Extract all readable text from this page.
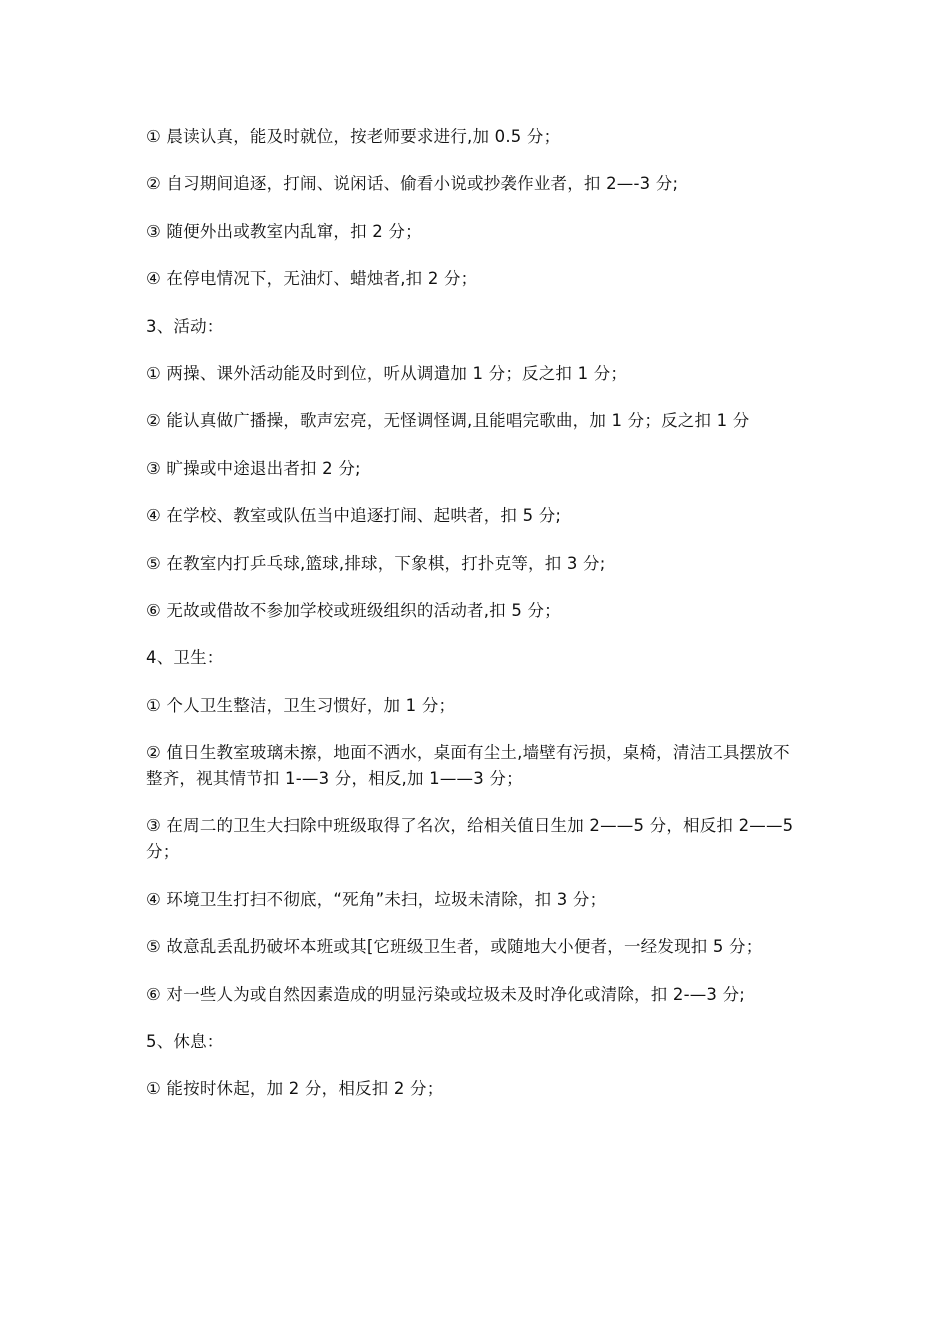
① 晨读认真，能及时就位，按老师要求进行,加 0.5 分；

② 自习期间追逐，打闹、说闲话、偷看小说或抄袭作业者，扣 2—-3 分;

③ 随便外出或教室内乱窜，扣 2 分；

④ 在停电情况下，无油灯、蜡烛者,扣 2 分；

3、活动：

① 两操、课外活动能及时到位，听从调遣加 1 分；反之扣 1 分；

② 能认真做广播操，歌声宏亮，无怪调怪调,且能唱完歌曲，加 1 分；反之扣 1 分

③ 旷操或中途退出者扣 2 分;

④ 在学校、教室或队伍当中追逐打闹、起哄者，扣 5 分;

⑤ 在教室内打乒乓球,篮球,排球，下象棋，打扑克等，扣 3 分;

⑥ 无故或借故不参加学校或班级组织的活动者,扣 5 分；

4、卫生：

① 个人卫生整洁，卫生习惯好，加 1 分；

② 值日生教室玻璃未擦，地面不洒水，桌面有尘土,墙壁有污损，桌椅，清洁工具摆放不整齐，视其情节扣 1-—3 分，相反,加 1——3 分；

③ 在周二的卫生大扫除中班级取得了名次，给相关值日生加 2——5 分，相反扣 2——5 分；

④ 环境卫生打扫不彻底，“死角”未扫，垃圾未清除，扣 3 分；

⑤ 故意乱丢乱扔破坏本班或其[它班级卫生者，或随地大小便者，一经发现扣 5 分；

⑥ 对一些人为或自然因素造成的明显污染或垃圾未及时净化或清除，扣 2-—3 分;

5、休息：

① 能按时休起，加 2 分，相反扣 2 分；
